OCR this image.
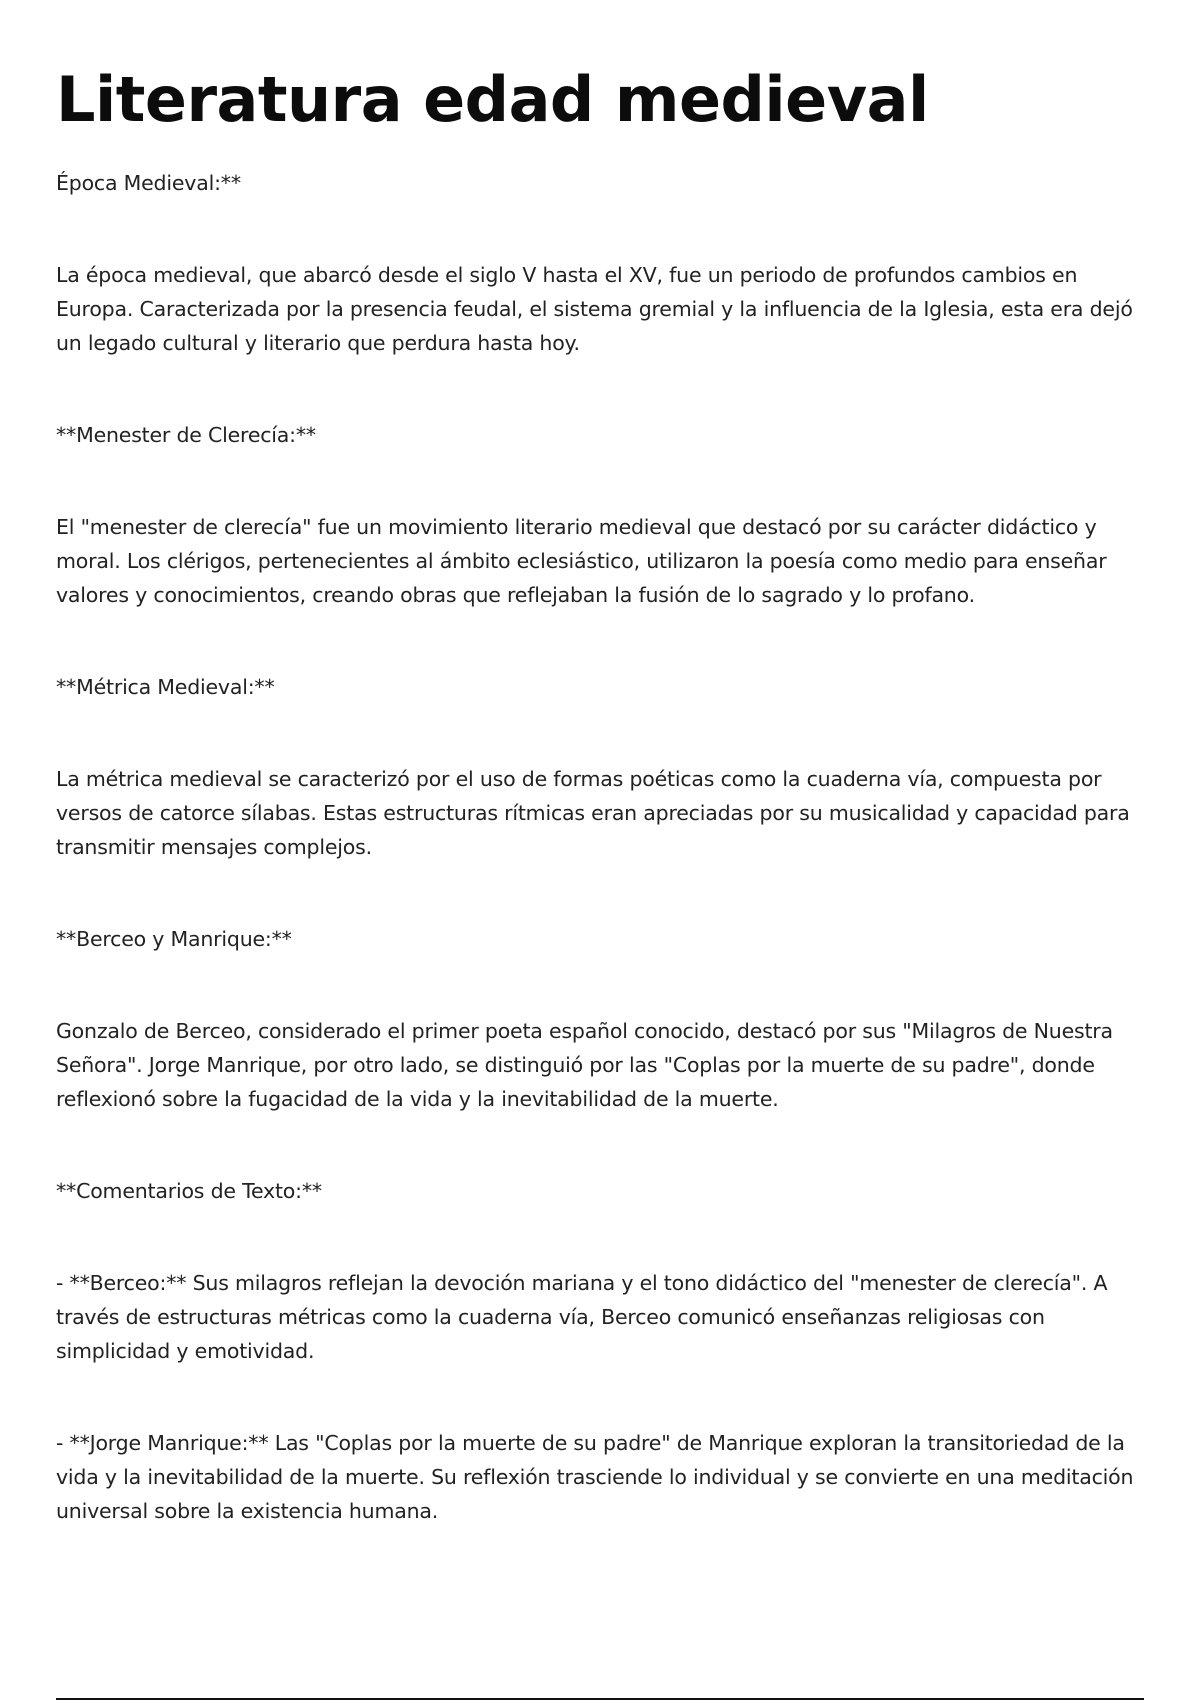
Literatura edad medieval

Época Medieval:**

La época medieval, que abarcó desde el siglo V hasta el XV, fue un periodo de profundos cambios en Europa. Caracterizada por la presencia feudal, el sistema gremial y la influencia de la Iglesia, esta era dejó un legado cultural y literario que perdura hasta hoy.

**Menester de Clerecía:**

El "menester de clerecía" fue un movimiento literario medieval que destacó por su carácter didáctico y moral. Los clérigos, pertenecientes al ámbito eclesiástico, utilizaron la poesía como medio para enseñar valores y conocimientos, creando obras que reflejaban la fusión de lo sagrado y lo profano.

**Métrica Medieval:**

La métrica medieval se caracterizó por el uso de formas poéticas como la cuaderna vía, compuesta por versos de catorce sílabas. Estas estructuras rítmicas eran apreciadas por su musicalidad y capacidad para transmitir mensajes complejos.

**Berceo y Manrique:**

Gonzalo de Berceo, considerado el primer poeta español conocido, destacó por sus "Milagros de Nuestra Señora". Jorge Manrique, por otro lado, se distinguió por las "Coplas por la muerte de su padre", donde reflexionó sobre la fugacidad de la vida y la inevitabilidad de la muerte.

**Comentarios de Texto:**

- **Berceo:** Sus milagros reflejan la devoción mariana y el tono didáctico del "menester de clerecía". A través de estructuras métricas como la cuaderna vía, Berceo comunicó enseñanzas religiosas con simplicidad y emotividad.

- **Jorge Manrique:** Las "Coplas por la muerte de su padre" de Manrique exploran la transitoriedad de la vida y la inevitabilidad de la muerte. Su reflexión trasciende lo individual y se convierte en una meditación universal sobre la existencia humana.
